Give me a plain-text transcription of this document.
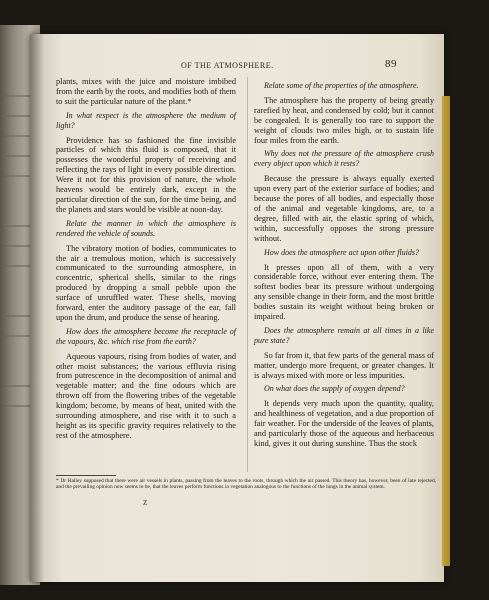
OF THE ATMOSPHERE.	89

plants, mixes with the juice and moisture imbibed from the earth by the roots, and modifies both of them to suit the particular nature of the plant.*

In what respect is the atmosphere the medium of light?

Providence has so fashioned the fine invisible particles of which this fluid is composed, that it possesses the wonderful property of receiving and reflecting the rays of light in every possible direction. Were it not for this provision of nature, the whole heavens would be entirely dark, except in the particular direction of the sun, for the time being, and the planets and stars would be visible at noon-day.

Relate the manner in which the atmosphere is rendered the vehicle of sounds.

The vibratory motion of bodies, communicates to the air a tremulous motion, which is successively communicated to the surrounding atmosphere, in concentric, spherical shells, similar to the rings produced by dropping a small pebble upon the surface of unruffled water. These shells, moving forward, enter the auditory passage of the ear, fall upon the drum, and produce the sense of hearing.

How does the atmosphere become the receptacle of the vapours, &c. which rise from the earth?

Aqueous vapours, rising from bodies of water, and other moist substances; the various effluvia rising from putrescence in the decomposition of animal and vegetable matter; and the fine odours which are thrown off from the flowering tribes of the vegetable kingdom; become, by means of heat, united with the surrounding atmosphere, and rise with it to such a height as its specific gravity requires relatively to the rest of the atmosphere.

Relate some of the properties of the atmosphere.

The atmosphere has the property of being greatly rarefied by heat, and condensed by cold; but it cannot be congealed. It is generally too rare to support the weight of clouds two miles high, or to sustain life four miles from the earth.

Why does not the pressure of the atmosphere crush every object upon which it rests?

Because the pressure is always equally exerted upon every part of the exterior surface of bodies; and because the pores of all bodies, and especially those of the animal and vegetable kingdoms, are, to a degree, filled with air, the elastic spring of which, within, successfully opposes the strong pressure without.

How does the atmosphere act upon other fluids?

It presses upon all of them, with a very considerable force, without ever entering them. The softest bodies bear its pressure without undergoing any sensible change in their form, and the most brittle bodies sustain its weight without being broken or impaired.

Does the atmosphere remain at all times in a like pure state?

So far from it, that few parts of the general mass of matter, undergo more frequent, or greater changes. It is always mixed with more or less impurities.

On what does the supply of oxygen depend?

It depends very much upon the quantity, quality, and healthiness of vegetation, and a due proportion of fair weather. For the underside of the leaves of plants, and particularly those of the aqueous and herbaceous kind, gives it out during sunshine. Thus the stock

* Dr Halley supposed that there were air vessels in plants, passing from the leaves to the roots, through which the air passed. This theory has, however, been of late rejected, and the prevailing opinion now seems to be, that the leaves perform functions in vegetation analogous to the functions of the lungs in the animal system.
Z
